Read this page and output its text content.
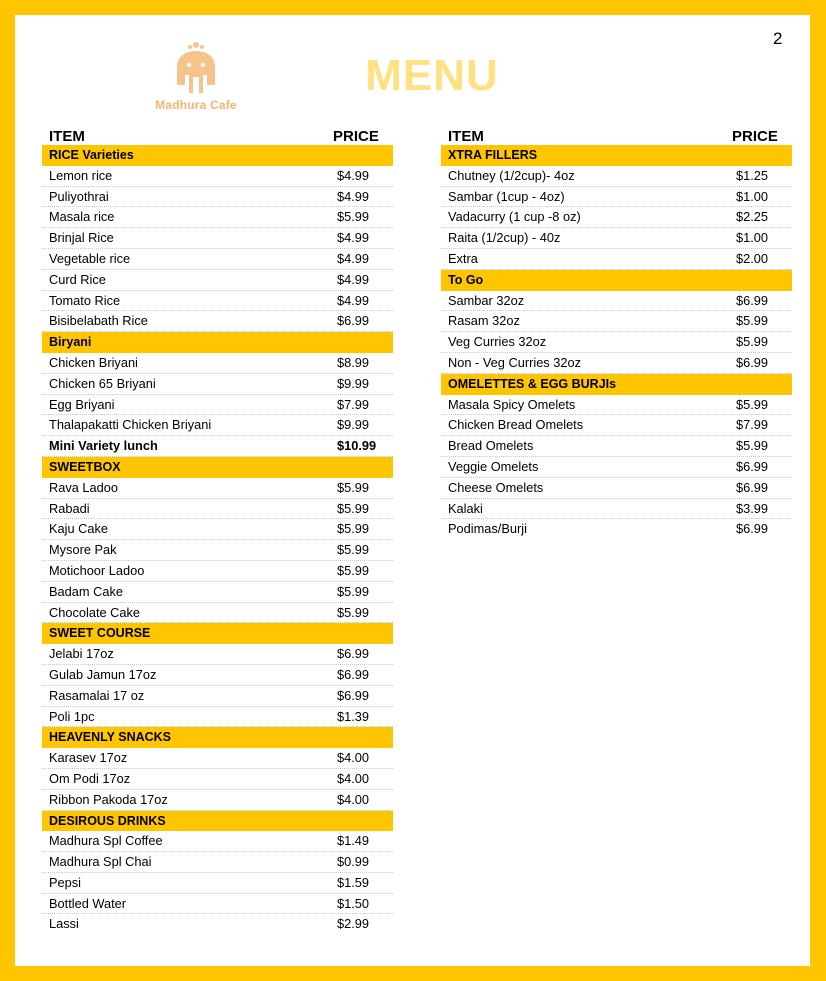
2
Madhura Cafe
MENU
ITEM	PRICE
RICE Varieties
Lemon rice	$4.99
Puliyothrai	$4.99
Masala rice	$5.99
Brinjal Rice	$4.99
Vegetable rice	$4.99
Curd Rice	$4.99
Tomato Rice	$4.99
Bisibelabath Rice	$6.99
Biryani
Chicken Briyani	$8.99
Chicken 65 Briyani	$9.99
Egg Briyani	$7.99
Thalapakatti Chicken Briyani	$9.99
Mini Variety lunch	$10.99
SWEETBOX
Rava Ladoo	$5.99
Rabadi	$5.99
Kaju Cake	$5.99
Mysore Pak	$5.99
Motichoor Ladoo	$5.99
Badam Cake	$5.99
Chocolate Cake	$5.99
SWEET COURSE
Jelabi 17oz	$6.99
Gulab Jamun 17oz	$6.99
Rasamalai 17 oz	$6.99
Poli 1pc	$1.39
HEAVENLY SNACKS
Karasev 17oz	$4.00
Om Podi 17oz	$4.00
Ribbon Pakoda 17oz	$4.00
DESIROUS DRINKS
Madhura Spl Coffee	$1.49
Madhura Spl Chai	$0.99
Pepsi	$1.59
Bottled Water	$1.50
Lassi	$2.99
ITEM	PRICE
XTRA FILLERS
Chutney (1/2cup)- 4oz	$1.25
Sambar (1cup - 4oz)	$1.00
Vadacurry (1 cup -8 oz)	$2.25
Raita (1/2cup) - 40z	$1.00
Extra	$2.00
To Go
Sambar 32oz	$6.99
Rasam 32oz	$5.99
Veg Curries 32oz	$5.99
Non - Veg Curries 32oz	$6.99
OMELETTES & EGG BURJIs
Masala Spicy Omelets	$5.99
Chicken Bread Omelets	$7.99
Bread Omelets	$5.99
Veggie Omelets	$6.99
Cheese Omelets	$6.99
Kalaki	$3.99
Podimas/Burji	$6.99
